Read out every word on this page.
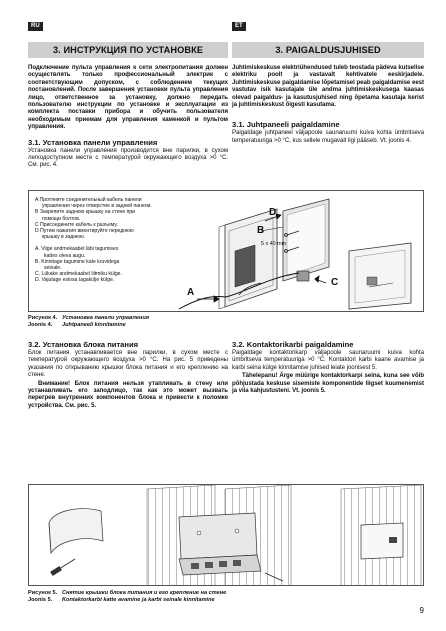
RU
3. ИНСТРУКЦИЯ ПО УСТАНОВКЕ
Подключение пульта управления к сети электропитания должен осуществлять только профессиональный электрик с соответствующим допуском, с соблюдением текущих постановлений. После завершения установки пульта управления лицо, ответственное за установку, должно передать пользователю инструкции по установке и эксплуатации из комплекта поставки прибора и обучить пользователя необходимым приемам для управления каменкой и пультом управления.
3.1. Установка панели управления
Установка панели управления производится вне парилки, в сухом легкодоступном месте с температурой окружающего воздуха >0 °C. См. рис. 4.
ET
3. PAIGALDUSJUHISED
Juhtimiskeskuse elektriühendused tuleb teostada pädeva kutselise elektriku poolt ja vastavalt kehtivatele eeskirjadele. Juhtimiskeskuse paigaldamise lõpetamisel peab paigaldamise eest vastutav isik kasutajale üle andma juhtimiskeskusega kaasas olevad paigaldus- ja kasutusjuhised ning õpetama kasutaja kerist ja juhtimiskeskust õigesti kasutama.
3.1. Juhtpaneeli paigaldamine
Paigaldage juhtpaneel väljapoole saunaruumi kuiva kohta ümbritseva temperatuuriga >0 °C, kus sellele mugavalt ligi pääseb. Vt. joonis 4.
A Протяните соединительный кабель панели
управления через отверстие в задней панели.
B Закрепите заднюю крышку на стене при
помощи болтов.
C Присоедините кабель к разъему.
D Путем нажатия вмонтируйте переднюю
крышку в заднюю.
A. Viige andmekaabel läbi tagumises
kattes oleva augu.
B. Kinnitage tagumine kate kruvidega
seinale.
C. Lükake andmekaabel liitmiku külge.
D. Vajutage esiosa tagakülje külge.
D
B
5 x 40 mm
A
C
Рисунок 4. Установка панели управления
Joonis 4. Juhtpaneeli kinnitamine
3.2. Установка блока питания
Блок питания устанавливается вне парилки, в сухом месте с температурой окружающего воздуха >0 °C. На рис. 5 приведены указания по открыванию крышки блока питания и его креплению на стене.
Внимание! Блок питания нельзя утапливать в стену или устанавливать его заподлицо, так как это может вызвать перегрев внутренних компонентов блока и привести к поломке устройства. См. рис. 5.
3.2. Kontaktorikarbi paigaldamine
Paigaldage kontaktorikarp väljapoole saunaruumi kuiva kohta ümbritseva temperatuuriga >0 °C. Kontaktori karbi kaane avamise ja karbi seina külge kinnitamise juhised leiate joonisest 5.
Tähelepanu! Ärge müürige kontaktorkarpi seina, kuna see võib põhjustada keskuse sisemiste komponentide liigset kuumenemist ja viia kahjustusteni. Vt. joonis 5.
Рисунок 5. Снятие крышки блока питания и его крепление на стене
Joonis 5. Kontaktorkarbi katte avamine ja karbi seinale kinnitamine
9
